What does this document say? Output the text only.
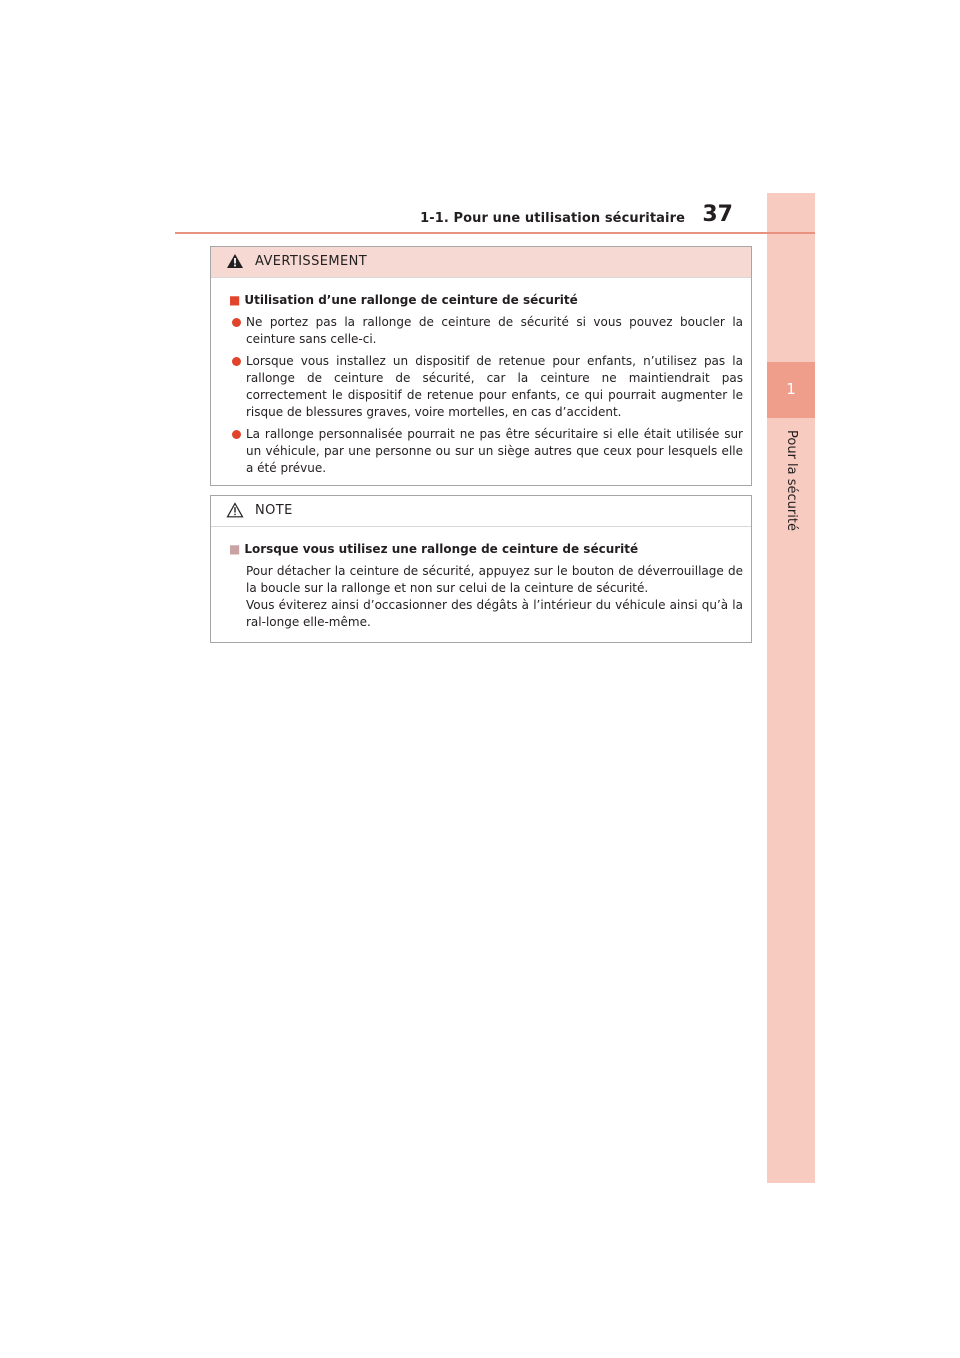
1
Pour la sécurité
1-1. Pour une utilisation sécuritaire 37
AVERTISSEMENT
■ Utilisation d’une rallonge de ceinture de sécurité
Ne portez pas la rallonge de ceinture de sécurité si vous pouvez boucler la ceinture sans celle-ci.
Lorsque vous installez un dispositif de retenue pour enfants, n’utilisez pas la rallonge de ceinture de sécurité, car la ceinture ne maintiendrait pas correctement le dispositif de retenue pour enfants, ce qui pourrait augmenter le risque de blessures graves, voire mortelles, en cas d’accident.
La rallonge personnalisée pourrait ne pas être sécuritaire si elle était utilisée sur un véhicule, par une personne ou sur un siège autres que ceux pour lesquels elle a été prévue.
NOTE
■ Lorsque vous utilisez une rallonge de ceinture de sécurité
Pour détacher la ceinture de sécurité, appuyez sur le bouton de déverrouillage de la boucle sur la rallonge et non sur celui de la ceinture de sécurité.
Vous éviterez ainsi d’occasionner des dégâts à l’intérieur du véhicule ainsi qu’à la ral-longe elle-même.
